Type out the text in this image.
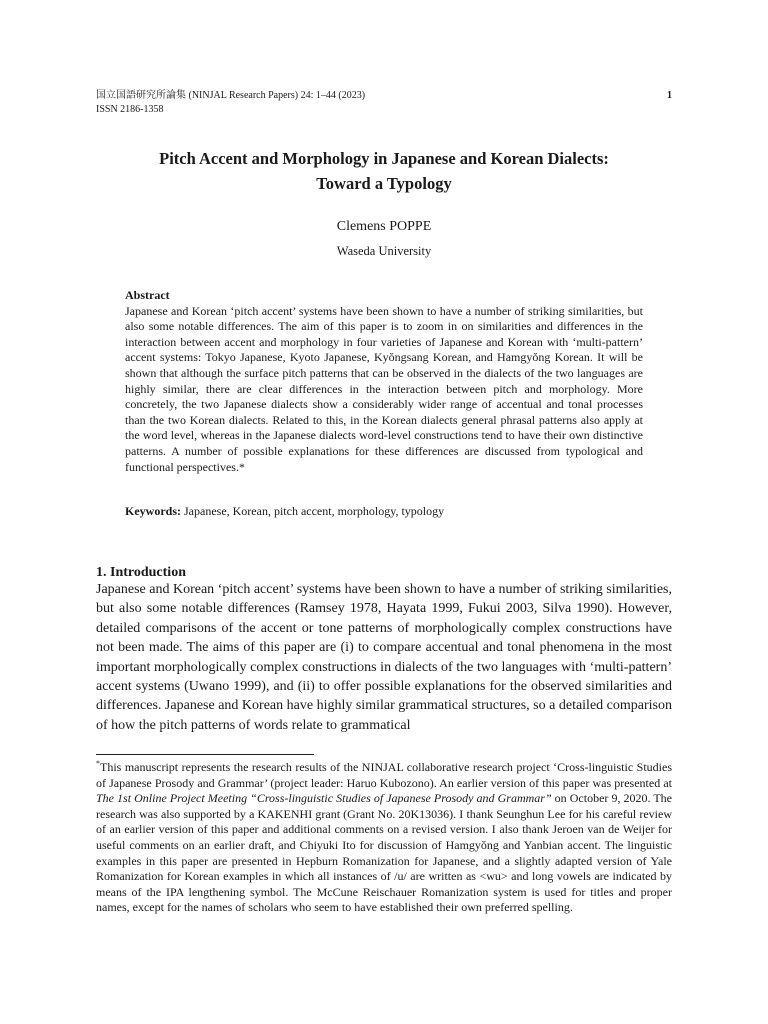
国立国語研究所論集 (NINJAL Research Papers) 24: 1–44 (2023)
ISSN 2186-1358
1
Pitch Accent and Morphology in Japanese and Korean Dialects:
Toward a Typology
Clemens POPPE
Waseda University
Abstract

Japanese and Korean ‘pitch accent’ systems have been shown to have a number of striking similarities, but also some notable differences. The aim of this paper is to zoom in on similarities and differences in the interaction between accent and morphology in four varieties of Japanese and Korean with ‘multi-pattern’ accent systems: Tokyo Japanese, Kyoto Japanese, Kyŏngsang Korean, and Hamgyŏng Korean. It will be shown that although the surface pitch patterns that can be observed in the dialects of the two languages are highly similar, there are clear differences in the interaction between pitch and morphology. More concretely, the two Japanese dialects show a considerably wider range of accentual and tonal processes than the two Korean dialects. Related to this, in the Korean dialects general phrasal patterns also apply at the word level, whereas in the Japanese dialects word-level constructions tend to have their own distinctive patterns. A number of possible explanations for these differences are discussed from typological and functional perspectives.*

Keywords: Japanese, Korean, pitch accent, morphology, typology
1. Introduction

Japanese and Korean ‘pitch accent’ systems have been shown to have a number of striking similarities, but also some notable differences (Ramsey 1978, Hayata 1999, Fukui 2003, Silva 1990). However, detailed comparisons of the accent or tone patterns of morphologically complex constructions have not been made. The aims of this paper are (i) to compare accentual and tonal phenomena in the most important morphologically complex constructions in dialects of the two languages with ‘multi-pattern’ accent systems (Uwano 1999), and (ii) to offer possible explanations for the observed similarities and differences. Japanese and Korean have highly similar grammatical structures, so a detailed comparison of how the pitch patterns of words relate to grammatical

*This manuscript represents the research results of the NINJAL collaborative research project ‘Cross-linguistic Studies of Japanese Prosody and Grammar’ (project leader: Haruo Kubozono). An earlier version of this paper was presented at The 1st Online Project Meeting “Cross-linguistic Studies of Japanese Prosody and Grammar” on October 9, 2020. The research was also supported by a KAKENHI grant (Grant No. 20K13036). I thank Seunghun Lee for his careful review of an earlier version of this paper and additional comments on a revised version. I also thank Jeroen van de Weijer for useful comments on an earlier draft, and Chiyuki Ito for discussion of Hamgyŏng and Yanbian accent. The linguistic examples in this paper are presented in Hepburn Romanization for Japanese, and a slightly adapted version of Yale Romanization for Korean examples in which all instances of /u/ are written as <wu> and long vowels are indicated by means of the IPA lengthening symbol. The McCune Reischauer Romanization system is used for titles and proper names, except for the names of scholars who seem to have established their own preferred spelling.
